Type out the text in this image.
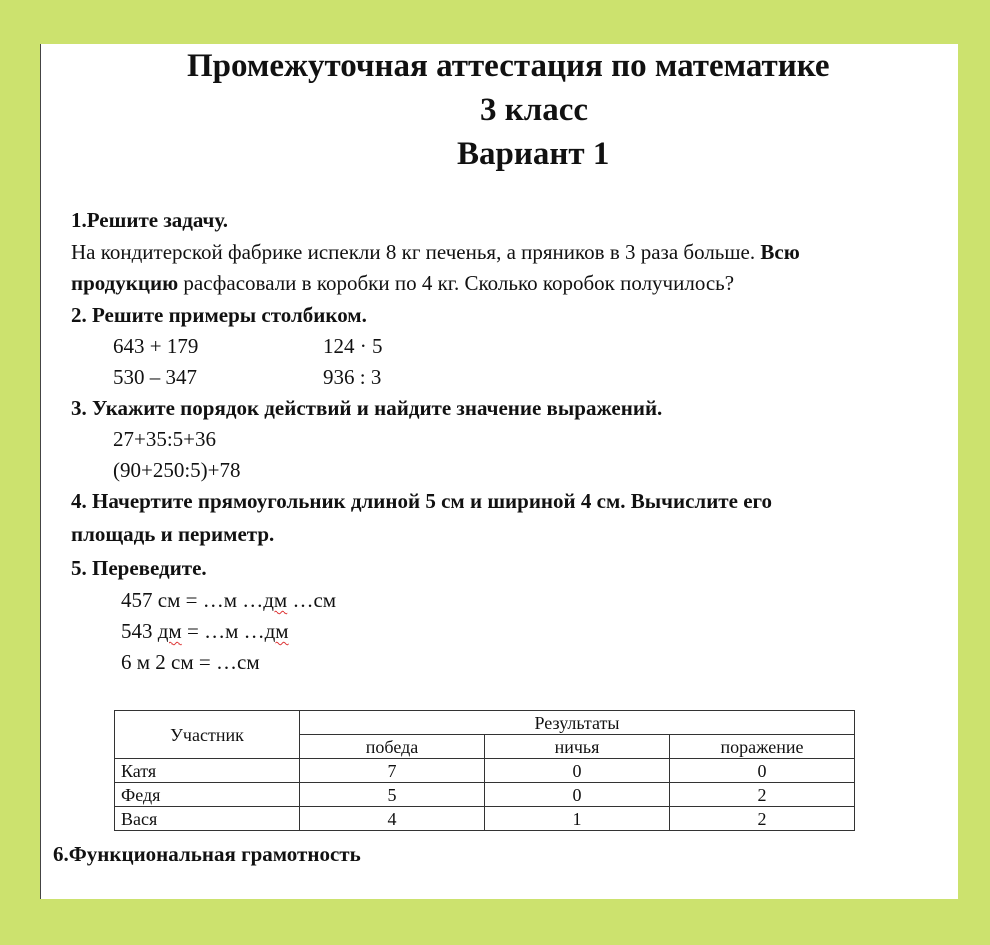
Промежуточная аттестация по математике
3 класс
Вариант 1
1.Решите задачу.
На кондитерской фабрике испекли 8 кг печенья, а пряников в 3 раза больше. Всю
продукцию расфасовали в коробки по 4 кг. Сколько коробок получилось?
2. Решите примеры столбиком.
643 + 179	124 · 5
530 – 347	936 : 3
3. Укажите порядок действий и найдите значение выражений.
27+35:5+36
(90+250:5)+78
4. Начертите прямоугольник длиной 5 см и шириной 4 см. Вычислите его
площадь и периметр.
5. Переведите.
457 см = …м …дм …см
543 дм = …м …дм
6 м 2 см = …см
Участник	Результаты		
	победа	ничья	поражение
Катя	7	0	0
Федя	5	0	2
Вася	4	1	2
6.Функциональная грамотность
